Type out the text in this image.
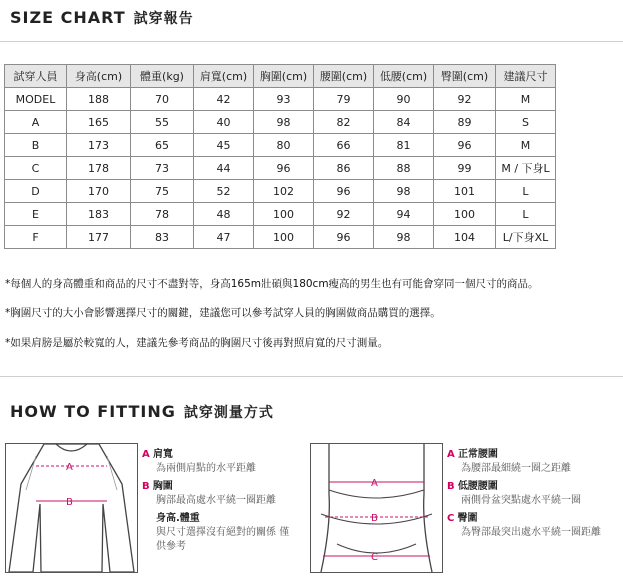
SIZE CHART 試穿報告
試穿人員	身高(cm)	體重(kg)	肩寬(cm)	胸圍(cm)	腰圍(cm)	低腰(cm)	臀圍(cm)	建議尺寸
MODEL	188	70	42	93	79	90	92	M
A	165	55	40	98	82	84	89	S
B	173	65	45	80	66	81	96	M
C	178	73	44	96	86	88	99	M / 下身L
D	170	75	52	102	96	98	101	L
E	183	78	48	100	92	94	100	L
F	177	83	47	100	96	98	104	L/下身XL
*每個人的身高體重和商品的尺寸不盡對等，身高165m壯碩與180cm瘦高的男生也有可能會穿同一個尺寸的商品。
*胸圍尺寸的大小會影響選擇尺寸的關鍵，建議您可以參考試穿人員的胸圍做商品購買的選擇。
*如果肩膀是屬於較寬的人，建議先參考商品的胸圍尺寸後再對照肩寬的尺寸測量。
HOW TO FITTING 試穿測量方式
A
B
A 肩寬
為兩側肩點的水平距離
B 胸圍
胸部最高處水平繞一圈距離
身高.體重
與尺寸選擇沒有絕對的關係 僅供參考
A
B
C
A 正常腰圍
為腰部最細繞一圈之距離
B 低腰腰圍
兩側骨盆突點處水平繞一圈
C 臀圍
為臀部最突出處水平繞一圈距離
